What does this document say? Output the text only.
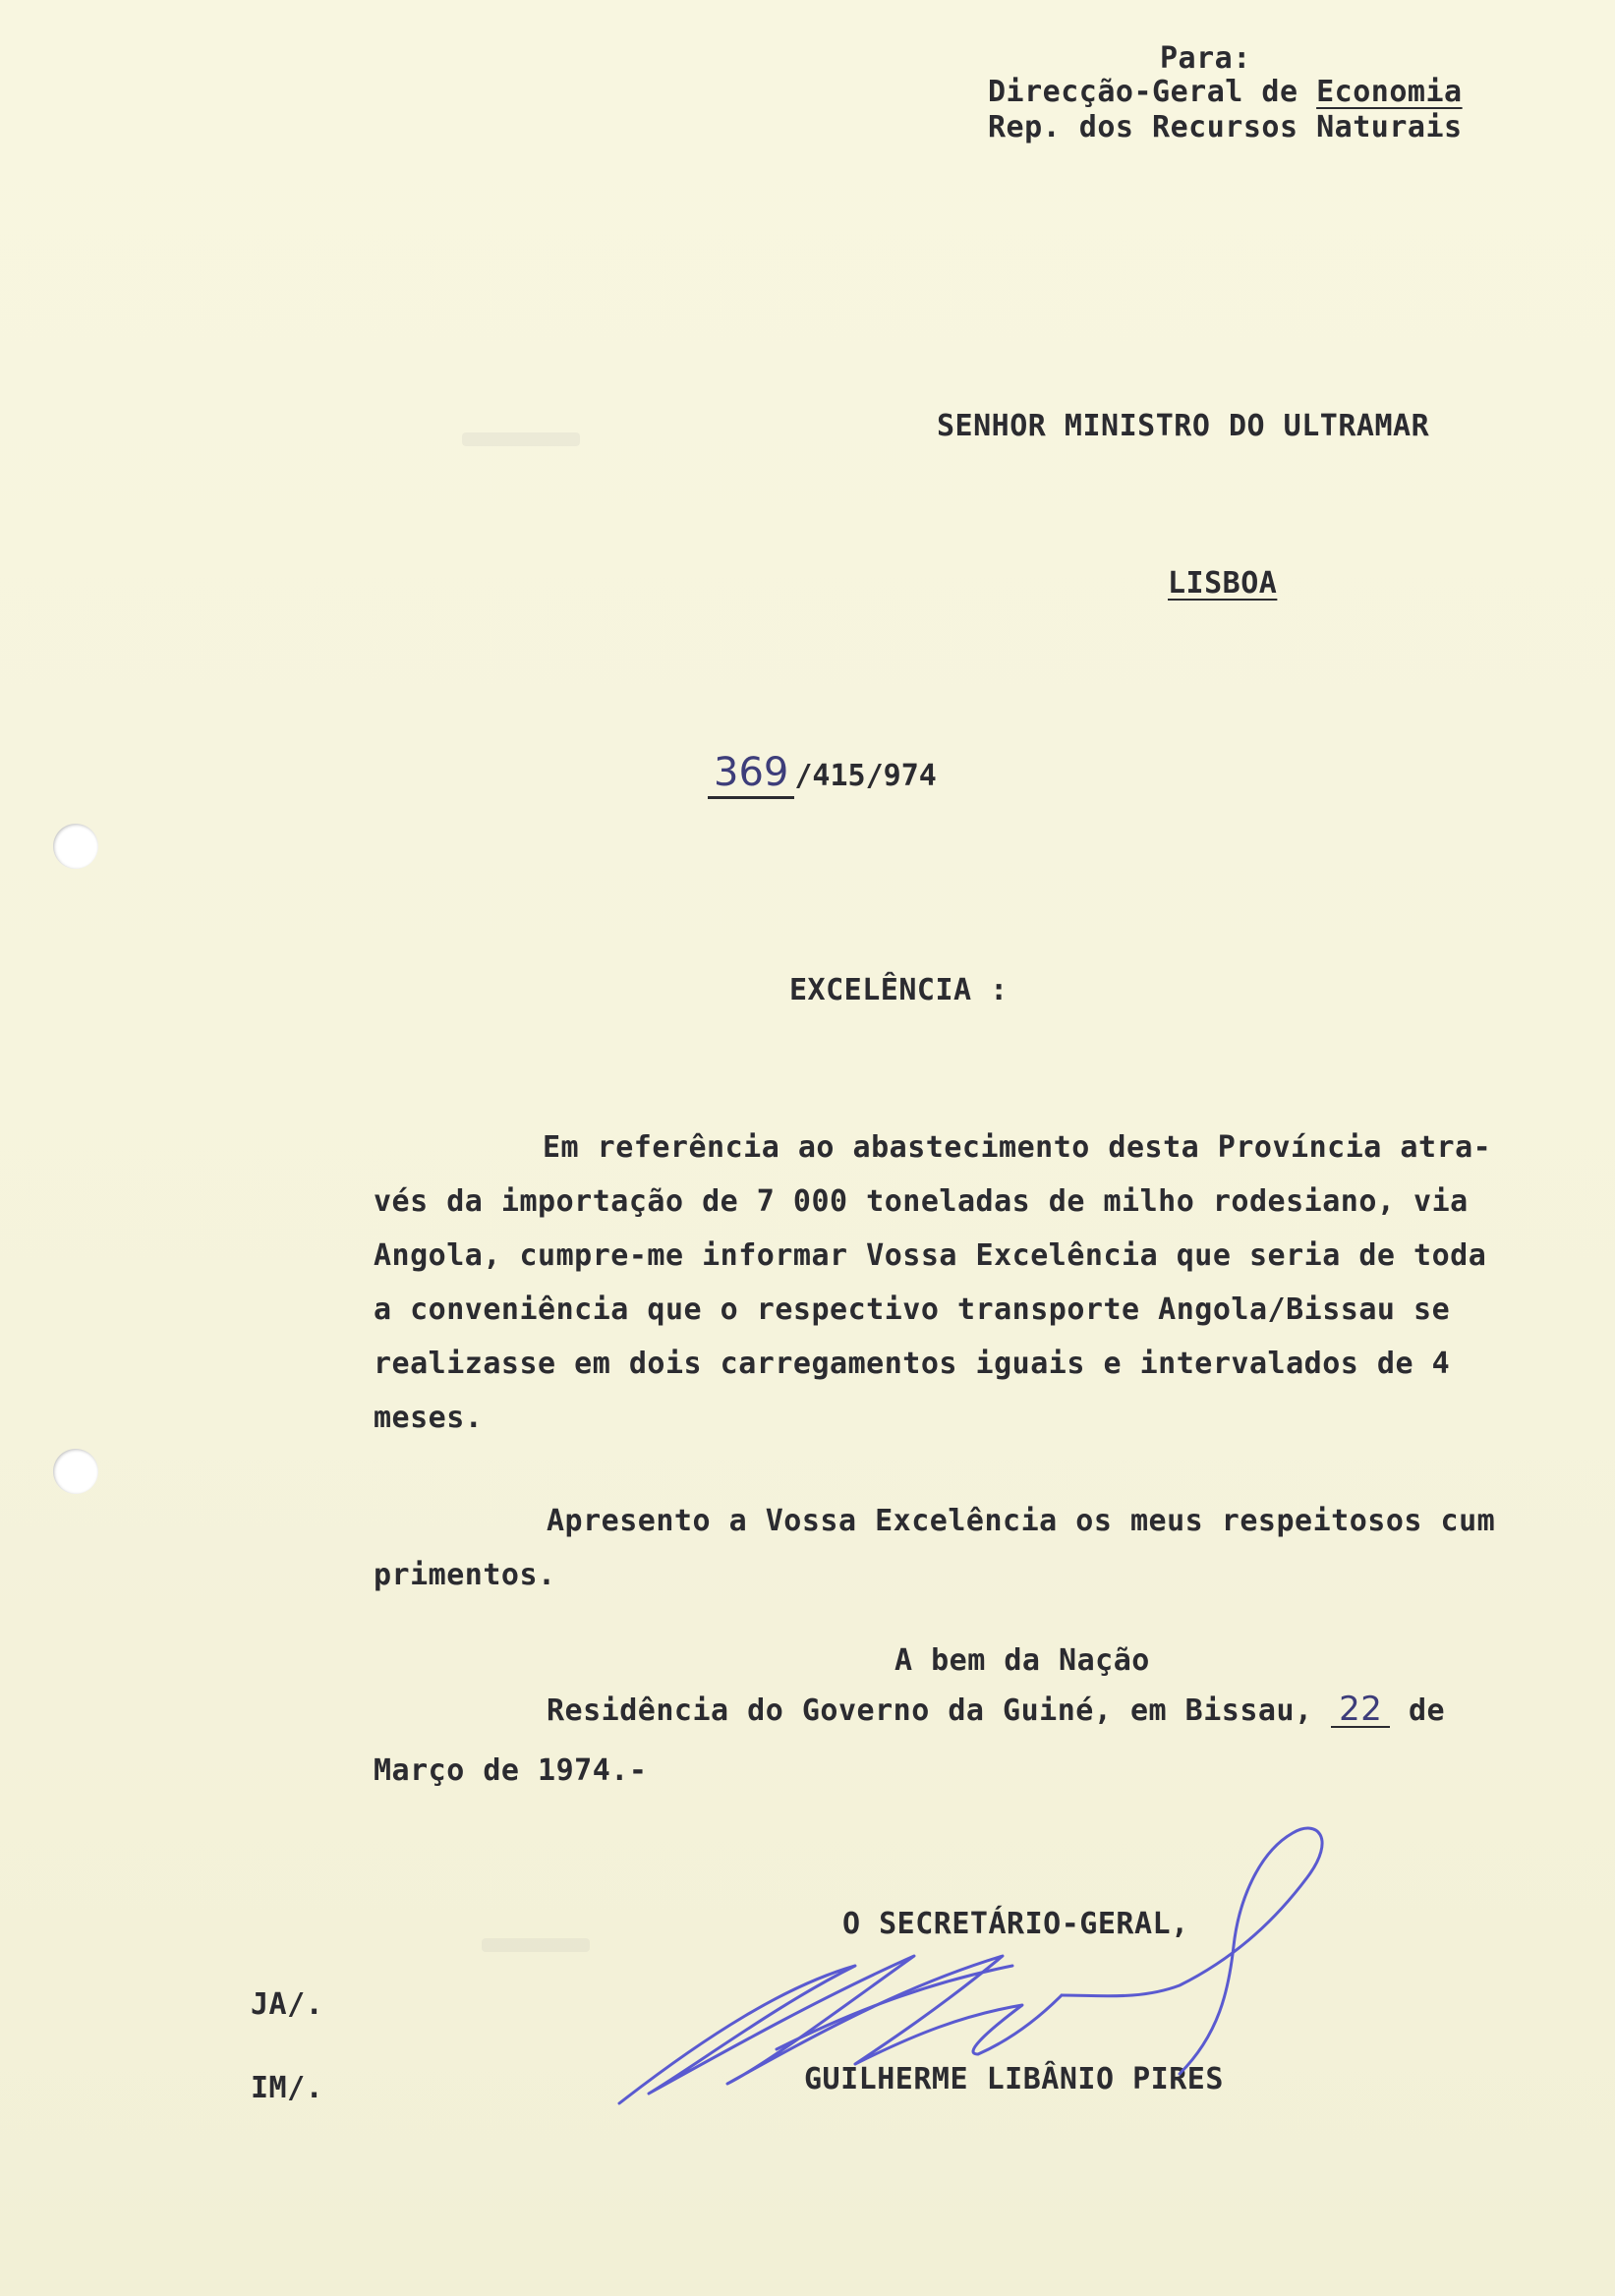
Para:

Direcção-Geral de Economia

Rep. dos Recursos Naturais

SENHOR MINISTRO DO ULTRAMAR

LISBOA

369 /415/974

EXCELÊNCIA :

Em referência ao abastecimento desta Província atra-

vés da importação de 7 000 toneladas de milho rodesiano, via

Angola, cumpre-me informar Vossa Excelência que seria de toda

a conveniência que o respectivo transporte Angola/Bissau se

realizasse em dois carregamentos iguais e intervalados de 4

meses.

Apresento a Vossa Excelência os meus respeitosos cum

primentos.

A bem da Nação

Residência do Governo da Guiné, em Bissau, 22 de

Março de 1974.-

O SECRETÁRIO-GERAL,

JA/.

IM/.	GUILHERME LIBÂNIO PIRES
